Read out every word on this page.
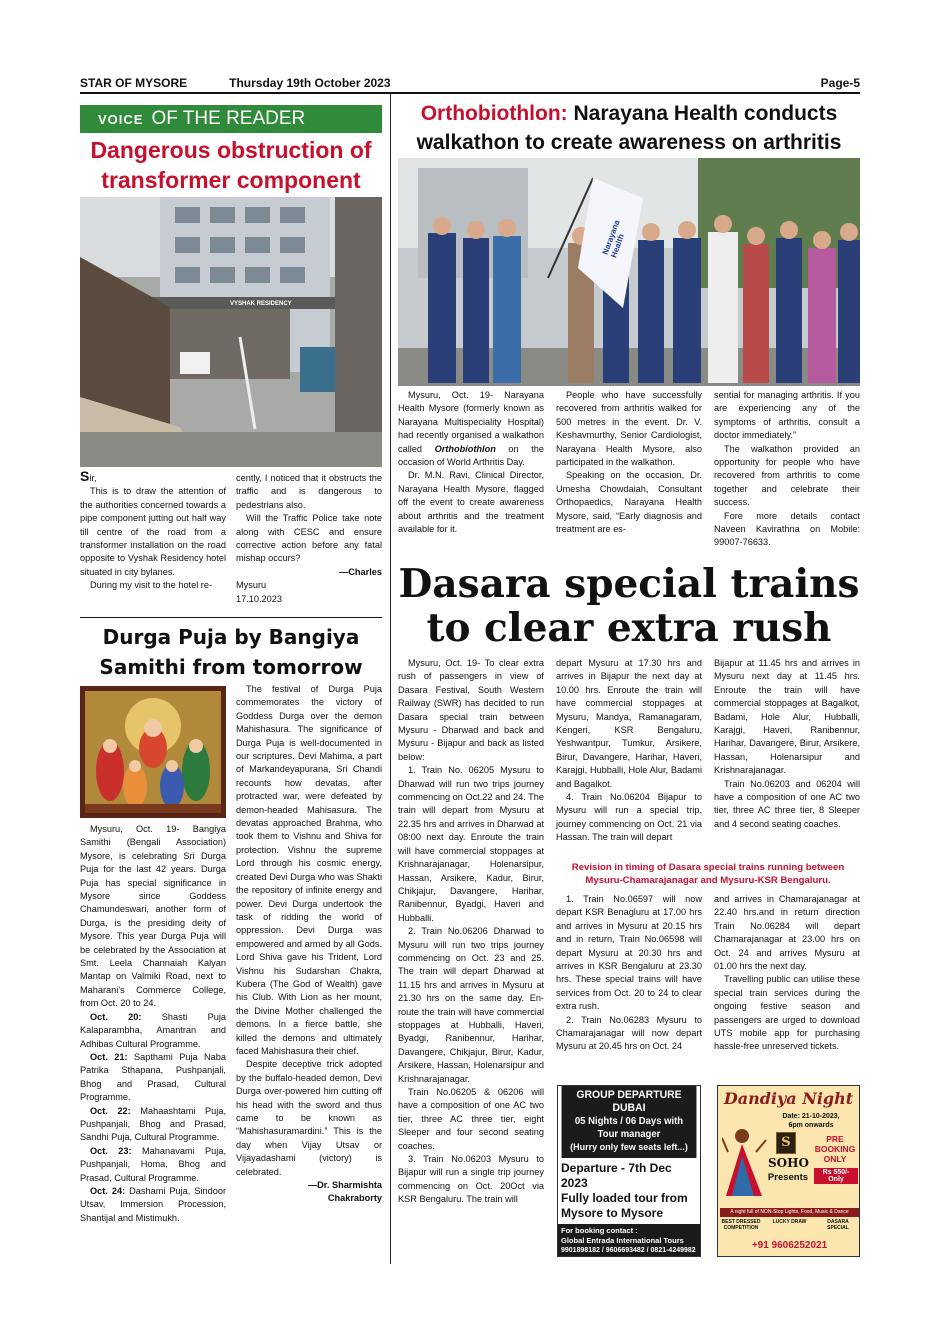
STAR OF MYSORE	Thursday 19th October 2023	Page-5
VOICE OF THE READER
Dangerous obstruction of transformer component
VYSHAK RESIDENCY

Sir,

This is to draw the attention of the authorities concerned towards a pipe component jutting out half way till centre of the road from a transformer installation on the road opposite to Vyshak Residency hotel situated in city bylanes.

During my visit to the hotel re-

cently, I noticed that it obstructs the traffic and is dangerous to pedestrians also.

Will the Traffic Police take note along with CESC and ensure corrective action before any fatal mishap occurs?

—Charles

Mysuru

17.10.2023

Durga Puja by Bangiya Samithi from tomorrow

Mysuru, Oct. 19- Bangiya Samithi (Bengali Association) Mysore, is celebrating Sri Durga Puja for the last 42 years. Durga Puja has special significance in Mysore since Goddess Chamundeswari, another form of Durga, is the presiding deity of Mysore. This year Durga Puja will be celebrated by the Association at Smt. Leela Channaiah Kalyan Mantap on Valmiki Road, next to Maharani’s Commerce College, from Oct. 20 to 24.

Oct. 20: Shasti Puja Kalaparambha, Amantran and Adhibas Cultural Programme.

Oct. 21: Sapthami Puja Naba Patrika Sthapana, Pushpanjali, Bhog and Prasad, Cultural Programme.

Oct. 22: Mahaashtami Puja, Pushpanjali, Bhog and Prasad, Sandhi Puja, Cultural Programme.

Oct. 23: Mahanavami Puja, Pushpanjali, Homa, Bhog and Prasad, Cultural Programme.

Oct. 24: Dashami Puja, Sindoor Utsav, Immersion Procession, Shantijal and Mistimukh.

The festival of Durga Puja commemorates the victory of Goddess Durga over the demon Mahishasura. The significance of Durga Puja is well-documented in our scriptures. Devi Mahima, a part of Markandeyapurana, Sri Chandi recounts how devatas, after protracted war, were defeated by demon-headed Mahisasura. The devatas approached Brahma, who took them to Vishnu and Shiva for protection. Vishnu the supreme Lord through his cosmic energy, created Devi Durga who was Shakti the repository of infinite energy and power. Devi Durga undertook the task of ridding the world of oppression. Devi Durga was empowered and armed by all Gods. Lord Shiva gave his Trident, Lord Vishnu his Sudarshan Chakra, Kubera (The God of Wealth) gave his Club. With Lion as her mount, the Divine Mother challenged the demons. In a fierce battle, she killed the demons and ultimately faced Mahishasura their chief.

Despite deceptive trick adopted by the buffalo-headed demon, Devi Durga over-powered him cutting off his head with the sword and thus came to be known as “Mahishasuramardini.” This is the day when Vijay Utsav or Vijayadashami (victory) is celebrated.

—Dr. Sharmishta

Chakraborty

Orthobiothlon: Narayana Health conducts walkathon to create awareness on arthritis
Narayana Health

Mysuru, Oct. 19- Narayana Health Mysore (formerly known as Narayana Multispeciality Hospital) had recently organised a walkathon called Orthobiothlon on the occasion of World Arthritis Day.

Dr. M.N. Ravi, Clinical Director, Narayana Health Mysore, flagged off the event to create awareness about arthritis and the treatment available for it.

People who have successfully recovered from arthritis walked for 500 metres in the event. Dr. V. Keshavmurthy, Senior Cardiologist, Narayana Health Mysore, also participated in the walkathon.

Speaking on the occasion, Dr. Umesha Chowdaiah, Consultant Orthopaedics, Narayana Health Mysore, said, “Early diagnosis and treatment are es-

sential for managing arthritis. If you are experiencing any of the symptoms of arthritis, consult a doctor immediately.”

The walkathon provided an opportunity for people who have recovered from arthritis to come together and celebrate their success.

Fore more details contact Naveen Kavirathna on Mobile: 99007-76633.

Dasara special trains to clear extra rush

Mysuru, Oct. 19- To clear extra rush of passengers in view of Dasara Festival, South Western Railway (SWR) has decided to run Dasara special train between Mysuru - Dharwad and back and Mysuru - Bijapur and back as listed below:

1. Train No. 06205 Mysuru to Dharwad will run two trips journey commencing on Oct.22 and 24. The train will depart from Mysuru at 22.35 hrs and arrives in Dharwad at 08:00 next day. Enroute the train will have commercial stoppages at Krishnarajanagar, Holenarsipur, Hassan, Arsikere, Kadur, Birur, Chikjajur, Davangere, Harihar, Ranibennur, Byadgi, Haveri and Hubballi.

2. Train No.06206 Dharwad to Mysuru will run two trips journey commencing on Oct. 23 and 25. The train will depart Dharwad at 11.15 hrs and arrives in Mysuru at 21.30 hrs on the same day. En-route the train will have commercial stoppages at Hubballi, Haveri, Byadgi, Ranibennur, Harihar, Davangere, Chikjajur, Birur, Kadur, Arsikere, Hassan, Holenarsipur and Krishnarajanagar.

Train No.06205 & 06206 will have a composition of one AC two tier, three AC three tier, eight Sleeper and four second seating coaches.

3. Train No.06203 Mysuru to Bijapur will run a single trip journey commencing on Oct. 20Oct via KSR Bengaluru. The train will

depart Mysuru at 17.30 hrs and arrives in Bijapur the next day at 10.00 hrs. Enroute the train will have commercial stoppages at Mysuru, Mandya, Ramanagaram, Kengeri, KSR Bengaluru, Yeshwantpur, Tumkur, Arsikere, Birur, Davangere, Harihar, Haveri, Karajgi, Hubballi, Hole Alur, Badami and Bagalkot.

4. Train No.06204 Bijapur to Mysuru will run a special trip, journey commencing on Oct. 21 via Hassan. The train will depart

Bijapur at 11.45 hrs and arrives in Mysuru next day at 11.45 hrs. Enroute the train will have commercial stoppages at Bagalkot, Badami, Hole Alur, Hubballi, Karajgi, Haveri, Ranibennur, Harihar, Davangere, Birur, Arsikere, Hassan, Holenarsipur and Krishnarajanagar.

Train No.06203 and 06204 will have a composition of one AC two tier, three AC three tier, 8 Sleeper and 4 second seating coaches.

Revision in timing of Dasara special trains running between Mysuru-Chamarajanagar and Mysuru-KSR Bengaluru.

1. Train No.06597 will now depart KSR Benagluru at 17.00 hrs and arrives in Mysuru at 20.15 hrs and in return, Train No.06598 will depart Mysuru at 20.30 hrs and arrives in KSR Bengaluru at 23.30 hrs. These special trains will have services from Oct. 20 to 24 to clear extra rush.

2. Train No.06283 Mysuru to Chamarajanagar will now depart Mysuru at 20.45 hrs on Oct. 24

and arrives in Chamarajanagar at 22.40 hrs.and in return direction Train No.06284 will depart Chamarajanagar at 23.00 hrs on Oct. 24 and arrives Mysuru at 01.00 hrs the next day.

Travelling public can utilise these special train services during the ongoing festive season and passengers are urged to download UTS mobile app for purchasing hassle-free unreserved tickets.

GROUP DEPARTURE DUBAI
05 Nights / 06 Days with
Tour manager
(Hurry only few seats left...)
Departure - 7th Dec 2023
Fully loaded tour from
Mysore to Mysore
For booking contact :
Global Entrada International Tours
9901898182 / 9606693482 / 0821-4249982
Dandiya Night
Date: 21-10-2023,
6pm onwards
S
SOHO
Presents
PRE
BOOKING
ONLY
Rs 550/- Only
A night full of NON-Stop Lights, Food, Music & Dance
BEST DRESSED COMPETITION
LUCKY DRAW	DASARA SPECIAL
+91 9606252021
